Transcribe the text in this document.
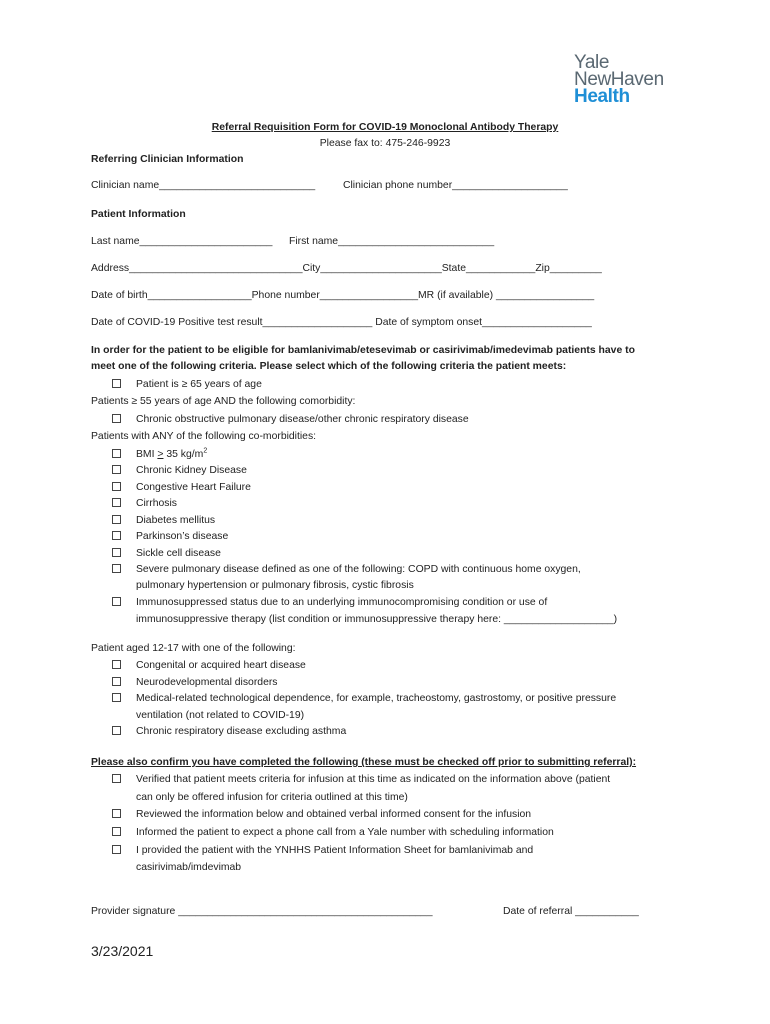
Yale
NewHaven
Health
Referral Requisition Form for COVID-19 Monoclonal Antibody Therapy
Please fax to: 475-246-9923
Referring Clinician Information
Clinician name___________________________	Clinician phone number____________________
Patient Information
Last name_______________________ First name___________________________
Address______________________________City_____________________State____________Zip_________
Date of birth__________________Phone number_________________MR (if available) _________________
Date of COVID-19 Positive test result___________________ Date of symptom onset___________________
In order for the patient to be eligible for bamlanivimab/etesevimab or casirivimab/imedevimab patients have to
meet one of the following criteria. Please select which of the following criteria the patient meets:
Patient is ≥ 65 years of age
Patients ≥ 55 years of age AND the following comorbidity:
Chronic obstructive pulmonary disease/other chronic respiratory disease
Patients with ANY of the following co-morbidities:
BMI > 35 $kg/m^2$
Chronic Kidney Disease
Congestive Heart Failure
Cirrhosis
Diabetes mellitus
Parkinson’s disease
Sickle cell disease
Severe pulmonary disease defined as one of the following: COPD with continuous home oxygen,
pulmonary hypertension or pulmonary fibrosis, cystic fibrosis
Immunosuppressed status due to an underlying immunocompromising condition or use of
immunosuppressive therapy (list condition or immunosuppressive therapy here: ___________________)
Patient aged 12-17 with one of the following:
Congenital or acquired heart disease
Neurodevelopmental disorders
Medical-related technological dependence, for example, tracheostomy, gastrostomy, or positive pressure
ventilation (not related to COVID-19)
Chronic respiratory disease excluding asthma
Please also confirm you have completed the following (these must be checked off prior to submitting referral):
Verified that patient meets criteria for infusion at this time as indicated on the information above (patient
can only be offered infusion for criteria outlined at this time)
Reviewed the information below and obtained verbal informed consent for the infusion
Informed the patient to expect a phone call from a Yale number with scheduling information
I provided the patient with the YNHHS Patient Information Sheet for bamlanivimab and
casirivimab/imdevimab
Provider signature ____________________________________________	Date of referral ___________
3/23/2021
